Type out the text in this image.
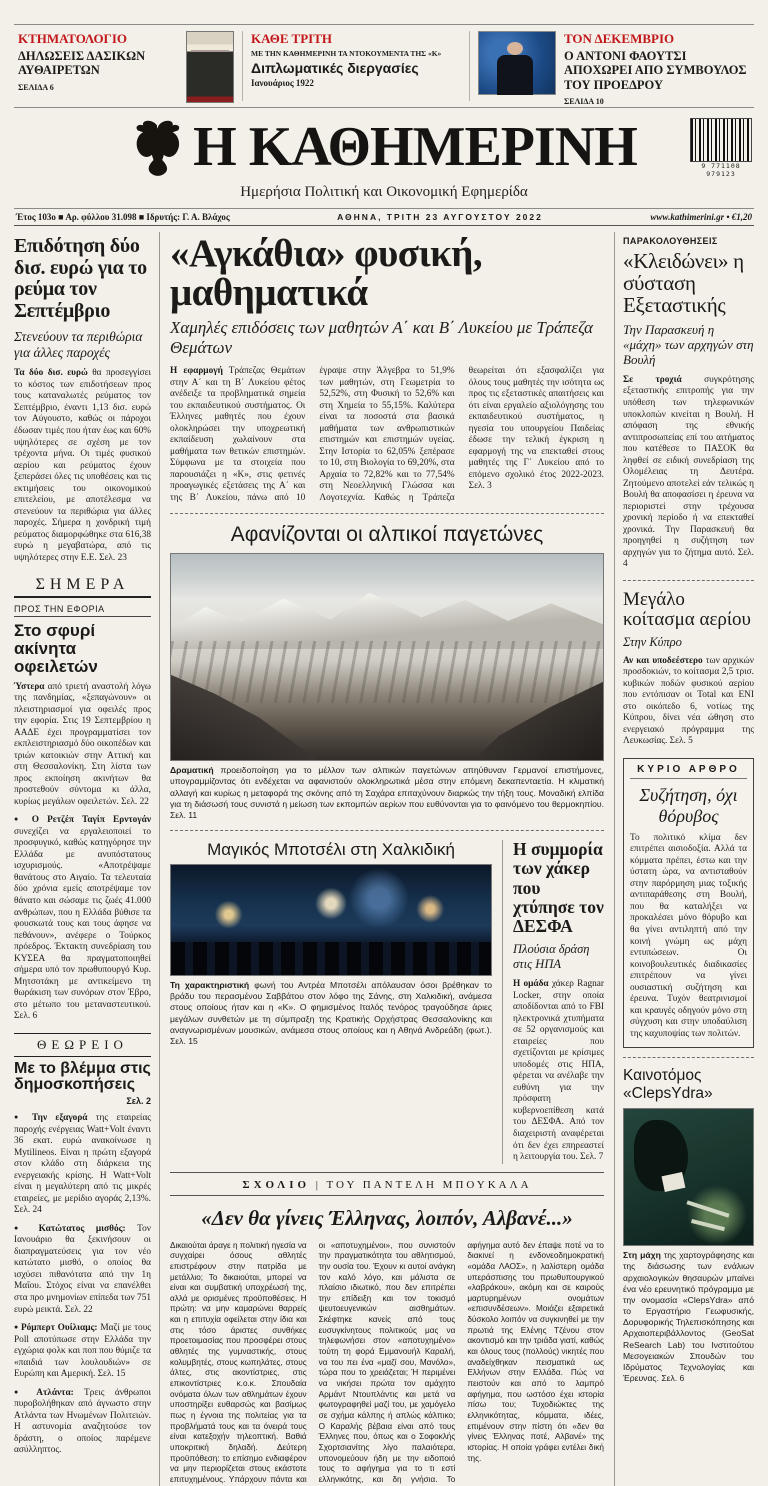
ΚΤΗΜΑΤΟΛΟΓΙΟ
ΔΗΛΩΣΕΙΣ ΔΑΣΙΚΩΝ ΑΥΘΑΙΡΕΤΩΝ
ΣΕΛΙΔΑ 6
ΚΑΘΕ ΤΡΙΤΗ
ΜΕ ΤΗΝ ΚΑΘΗΜΕΡΙΝΗ ΤΑ ΝΤΟΚΟΥΜΕΝΤΑ ΤΗΣ «Κ»
Διπλωματικές διεργασίες
Ιανουάριος 1922
ΤΟΝ ΔΕΚΕΜΒΡΙΟ
Ο ΑΝΤΟΝΙ ΦΑΟΥΤΣΙ ΑΠΟΧΩΡΕΙ ΑΠΟ ΣΥΜΒΟΥΛΟΣ ΤΟΥ ΠΡΟΕΔΡΟΥ
ΣΕΛΙΔΑ 10
Η ΚΑΘΗΜΕΡΙΝΗ	9 771108 979123
Ημερήσια Πολιτική και Οικονομική Εφημερίδα
Έτος 103ο ■ Αρ. φύλλου 31.098 ■ Ιδρυτής: Γ. Α. Βλάχος	ΑΘΗΝΑ, ΤΡΙΤΗ 23 ΑΥΓΟΥΣΤΟΥ 2022	www.kathimerini.gr • €1,20
Επιδότηση δύο δισ. ευρώ για το ρεύμα τον Σεπτέμβριο
Στενεύουν τα περιθώρια για άλλες παροχές

Τα δύο δισ. ευρώ θα προσεγγίσει το κόστος των επιδοτήσεων προς τους καταναλωτές ρεύματος τον Σεπτέμβριο, έναντι 1,13 δισ. ευρώ τον Αύγουστο, καθώς οι πάροχοι έδωσαν τιμές που ήταν έως και 60% υψηλότερες σε σχέση με τον τρέχοντα μήνα. Οι τιμές φυσικού αερίου και ρεύματος έχουν ξεπεράσει όλες τις υποθέσεις και τις εκτιμήσεις του οικονομικού επιτελείου, με αποτέλεσμα να στενεύουν τα περιθώρια για άλλες παροχές. Σήμερα η χονδρική τιμή ρεύματος διαμορφώθηκε στα 616,38 ευρώ η μεγαβατώρα, από τις υψηλότερες στην Ε.Ε. Σελ. 23

ΣΗΜΕΡΑ
ΠΡΟΣ ΤΗΝ ΕΦΟΡΙΑ
Στο σφυρί ακίνητα οφειλετών

Ύστερα από τριετή αναστολή λόγω της πανδημίας, «ξεπαγώνουν» οι πλειστηριασμοί για οφειλές προς την εφορία. Στις 19 Σεπτεμβρίου η ΑΑΔΕ έχει προγραμματίσει τον εκπλειστηριασμό δύο οικοπέδων και τριών κατοικιών στην Αττική και στη Θεσσαλονίκη. Στη λίστα των προς εκποίηση ακινήτων θα προστεθούν σύντομα κι άλλα, κυρίως μεγάλων οφειλετών. Σελ. 22

● Ο Ρετζέπ Ταγίπ Ερντογάν συνεχίζει να εργαλειοποιεί το προσφυγικό, καθώς κατηγόρησε την Ελλάδα με ανυπόστατους ισχυρισμούς. «Αποτρέψαμε θανάτους στο Αιγαίο. Τα τελευταία δύο χρόνια εμείς αποτρέψαμε τον θάνατο και σώσαμε τις ζωές 41.000 ανθρώπων, που η Ελλάδα βύθισε τα φουσκωτά τους και τους άφησε να πεθάνουν», ανέφερε ο Τούρκος πρόεδρος. Έκτακτη συνεδρίαση του ΚΥΣΕΑ θα πραγματοποιηθεί σήμερα υπό τον πρωθυπουργό Κυρ. Μητσοτάκη με αντικείμενο τη θωράκιση των συνόρων στον Έβρο, στο μέτωπο του μεταναστευτικού. Σελ. 6

ΘΕΩΡΕΙΟ
Με το βλέμμα στις δημοσκοπήσεις
Σελ. 2

● Την εξαγορά της εταιρείας παροχής ενέργειας Watt+Volt έναντι 36 εκατ. ευρώ ανακοίνωσε η Mytilineos. Είναι η πρώτη εξαγορά στον κλάδο στη διάρκεια της ενεργειακής κρίσης. Η Watt+Volt είναι η μεγαλύτερη από τις μικρές εταιρείες, με μερίδιο αγοράς 2,13%. Σελ. 24

● Κατώτατος μισθός: Τον Ιανουάριο θα ξεκινήσουν οι διαπραγματεύσεις για τον νέο κατώτατο μισθό, ο οποίος θα ισχύσει πιθανότατα από την 1η Μαΐου. Στόχος είναι να επανέλθει στα προ μνημονίων επίπεδα των 751 ευρώ μεικτά. Σελ. 22

● Ρόμπερτ Ουίλιαμς: Μαζί με τους Poll αποτύπωσε στην Ελλάδα την εγχώρια φολκ και ποπ που θύμιζε τα «παιδιά των λουλουδιών» σε Ευρώπη και Αμερική. Σελ. 15

● Ατλάντα: Τρεις άνθρωποι πυροβολήθηκαν από άγνωστο στην Ατλάντα των Ηνωμένων Πολιτειών. Η αστυνομία αναζητούσε τον δράστη, ο οποίος παρέμενε ασύλληπτος.

«Αγκάθια» φυσική, μαθηματικά
Χαμηλές επιδόσεις των μαθητών Α΄ και Β΄ Λυκείου με Τράπεζα Θεμάτων
Η εφαρμογή Τράπεζας Θεμάτων στην Α΄ και τη Β΄ Λυκείου φέτος ανέδειξε τα προβληματικά σημεία του εκπαιδευτικού συστήματος. Οι Έλληνες μαθητές που έχουν ολοκληρώσει την υποχρεωτική εκπαίδευση χωλαίνουν στα μαθήματα των θετικών επιστημών. Σύμφωνα με τα στοιχεία που παρουσιάζει η «Κ», στις φετινές προαγωγικές εξετάσεις της Α΄ και της Β΄ Λυκείου, πάνω από 10 έγραψε στην Άλγεβρα το 51,9% των μαθητών, στη Γεωμετρία το 52,52%, στη Φυσική το 52,6% και στη Χημεία το 55,15%. Καλύτερα είναι τα ποσοστά στα βασικά μαθήματα των ανθρωπιστικών επιστημών και επιστημών υγείας. Στην Ιστορία το 62,05% ξεπέρασε το 10, στη Βιολογία το 69,20%, στα Αρχαία το 72,82% και το 77,54% στη Νεοελληνική Γλώσσα και Λογοτεχνία. Καθώς η Τράπεζα θεωρείται ότι εξασφαλίζει για όλους τους μαθητές την ισότητα ως προς τις εξεταστικές απαιτήσεις και ότι είναι εργαλείο αξιολόγησης του εκπαιδευτικού συστήματος, η ηγεσία του υπουργείου Παιδείας έδωσε την τελική έγκριση η εφαρμογή της να επεκταθεί στους μαθητές της Γ΄ Λυκείου από το επόμενο σχολικό έτος 2022-2023. Σελ. 3
Αφανίζονται οι αλπικοί παγετώνες

Δραματική προειδοποίηση για το μέλλον των αλπικών παγετώνων απηύθυναν Γερμανοί επιστήμονες, υπογραμμίζοντας ότι ενδέχεται να αφανιστούν ολοκληρωτικά μέσα στην επόμενη δεκαπενταετία. Η κλιματική αλλαγή και κυρίως η μεταφορά της σκόνης από τη Σαχάρα επιταχύνουν διαρκώς την τήξη τους. Μοναδική ελπίδα για τη διάσωσή τους συνιστά η μείωση των εκπομπών αερίων που ευθύνονται για το φαινόμενο του θερμοκηπίου. Σελ. 11

Μαγικός Μποτσέλι στη Χαλκιδική

Τη χαρακτηριστική φωνή του Αντρέα Μποτσέλι απόλαυσαν όσοι βρέθηκαν το βράδυ του περασμένου Σαββάτου στον λόφο της Σάνης, στη Χαλκιδική, ανάμεσα στους οποίους ήταν και η «Κ». Ο φημισμένος Ιταλός τενόρος τραγούδησε άριες μεγάλων συνθετών με τη σύμπραξη της Κρατικής Ορχήστρας Θεσσαλονίκης και αναγνωρισμένων μουσικών, ανάμεσα στους οποίους και η Αθηνά Ανδρεάδη (φωτ.). Σελ. 15

Η συμμορία των χάκερ που χτύπησε τον ΔΕΣΦΑ
Πλούσια δράση στις ΗΠΑ

Η ομάδα χάκερ Ragnar Locker, στην οποία αποδίδονται από το FBI ηλεκτρονικά χτυπήματα σε 52 οργανισμούς και εταιρείες που σχετίζονται με κρίσιμες υποδομές στις ΗΠΑ, φέρεται να ανέλαβε την ευθύνη για την πρόσφατη κυβερνοεπίθεση κατά του ΔΕΣΦΑ. Από τον διαχειριστή αναφέρεται ότι δεν έχει επηρεαστεί η λειτουργία του. Σελ. 7

ΣΧΟΛΙΟ | ΤΟΥ ΠΑΝΤΕΛΗ ΜΠΟΥΚΑΛΑ
«Δεν θα γίνεις Έλληνας, λοιπόν, Αλβανέ...»
Δικαιούται άραγε η πολιτική ηγεσία να συγχαίρει όσους αθλητές επιστρέφουν στην πατρίδα με μετάλλιο; Το δικαιούται, μπορεί να είναι και συμβατική υποχρέωσή της, αλλά με ορισμένες προϋποθέσεις. Η πρώτη: να μην καμαρώνει θαρρείς και η επιτυχία οφείλεται στην ίδια και στις τόσο άριστες συνθήκες προετοιμασίας που προσφέρει στους αθλητές της γυμναστικής, στους κολυμβητές, στους κωπηλάτες, στους άλτες, στις ακοντίστριες, στις επικοντίστριες κ.ο.κ. Σπουδαία ονόματα όλων των αθλημάτων έχουν υποστηρίξει ευθαρσώς και βασίμως πως η έγνοια της πολιτείας για τα προβλήματά τους και τα όνειρά τους είναι κατεξοχήν τηλεοπτική. Βαθιά υποκριτική δηλαδή. Δεύτερη προϋπόθεση: το επίσημο ενδιαφέρον να μην περιορίζεται στους εκάστοτε επιτυχημένους. Υπάρχουν πάντα και οι «αποτυχημένοι», που συνιστούν την πραγματικότητα του αθλητισμού, την ουσία του. Έχουν κι αυτοί ανάγκη τον καλό λόγο, και μάλιστα σε πλαίσιο ιδιωτικό, που δεν επιτρέπει την επίδειξη και τον τοκισμό ψευτοευγενικών αισθημάτων. Σκέφτηκε κανείς από τους ευσυγκίνητους πολιτικούς μας να τηλεφωνήσει στον «αποτυχημένο» τούτη τη φορά Εμμανουήλ Καραλή, να του πει ένα «μαζί σου, Μανόλο», τώρα που το χρειάζεται; Ή περιμένει να νικήσει πρώτα τον αμάχητο Αρμάντ Ντουπλάντις και μετά να φωτογραφηθεί μαζί του, με χαμόγελο σε σχήμα κάλπης ή απλώς κάλπικο; Ο Καραλής βέβαια είναι από τους Έλληνες που, όπως και ο Σοφοκλής Σχορτσιανίτης λίγο παλαιότερα, υπονομεύουν ήδη με την ειδοποιό τους το αφήγημα για το τι εστί ελληνικότης, και δη γνήσια. Το αφήγημα αυτό δεν έπαψε ποτέ να το διακινεί η ενδονεοδημοκρατική «ομάδα ΛΑΟΣ», η λαλίστερη ομάδα υπεράσπισης του πρωθυπουργικού «λαβράκου», ακόμη και σε καιρούς μαρτυρημένων ονομάτων «επισυνδέσεων». Μοιάζει εξαιρετικά δύσκολο λοιπόν να συγκινηθεί με την πρωτιά της Ελένης Τζένου στον ακοντισμό και την τριάδα γιατί, καθώς και όλους τους (πολλούς) νικητές που αναδείχθηκαν πεισματικά ως Ελλήνων στην Ελλάδα. Πώς να πειστούν και από το λαμπρό αφήγημα, που ωστόσο έχει ιστορία πίσω του; Τυχοδιώκτες της ελληνικότητας, κόμματα, ιδέες, επιμένουν στην πίστη ότι «δεν θα γίνεις Έλληνας ποτέ, Αλβανέ» της ιστορίας. Η οποία γράφει εντέλει δική της.
ΠΑΡΑΚΟΛΟΥΘΗΣΕΙΣ
«Κλειδώνει» η σύσταση Εξεταστικής
Την Παρασκευή η «μάχη» των αρχηγών στη Βουλή

Σε τροχιά συγκρότησης εξεταστικής επιτροπής για την υπόθεση των τηλεφωνικών υποκλοπών κινείται η Βουλή. Η απόφαση της εθνικής αντιπροσωπείας επί του αιτήματος που κατέθεσε το ΠΑΣΟΚ θα ληφθεί σε ειδική συνεδρίαση της Ολομέλειας τη Δευτέρα. Ζητούμενο αποτελεί εάν τελικώς η Βουλή θα αποφασίσει η έρευνα να περιοριστεί στην τρέχουσα χρονική περίοδο ή να επεκταθεί χρονικά. Την Παρασκευή θα προηγηθεί η συζήτηση των αρχηγών για το ζήτημα αυτό. Σελ. 4

Μεγάλο κοίτασμα αερίου
Στην Κύπρο

Αν και υποδεέστερο των αρχικών προσδοκιών, το κοίτασμα 2,5 τρισ. κυβικών ποδών φυσικού αερίου που εντόπισαν οι Total και ENI στο οικόπεδο 6, νοτίως της Κύπρου, δίνει νέα ώθηση στο ενεργειακό πρόγραμμα της Λευκωσίας. Σελ. 5

ΚΥΡΙΟ ΑΡΘΡΟ
Συζήτηση, όχι θόρυβος

Το πολιτικό κλίμα δεν επιτρέπει αισιοδοξία. Αλλά τα κόμματα πρέπει, έστω και την ύστατη ώρα, να αντισταθούν στην παρόρμηση μιας τοξικής αντιπαράθεσης στη Βουλή, που θα καταλήξει να προκαλέσει μόνο θόρυβο και θα γίνει αντιληπτή από την κοινή γνώμη ως μάχη εντυπώσεων. Οι κοινοβουλευτικές διαδικασίες επιτρέπουν να γίνει ουσιαστική συζήτηση και έρευνα. Τυχόν θεατρινισμοί και κραυγές οδηγούν μόνο στη σύγχυση και στην υποδαύλιση της καχυποψίας των πολιτών.

Καινοτόμος «ClepsYdra»

Στη μάχη της χαρτογράφησης και της διάσωσης των ενάλιων αρχαιολογικών θησαυρών μπαίνει ένα νέο ερευνητικό πρόγραμμα με την ονομασία «ClepsYdra» από το Εργαστήριο Γεωφυσικής, Δορυφορικής Τηλεπισκόπησης και Αρχαιοπεριβάλλοντος (GeoSat ReSearch Lab) του Ινστιτούτου Μεσογειακών Σπουδών του Ιδρύματος Τεχνολογίας και Έρευνας. Σελ. 6
